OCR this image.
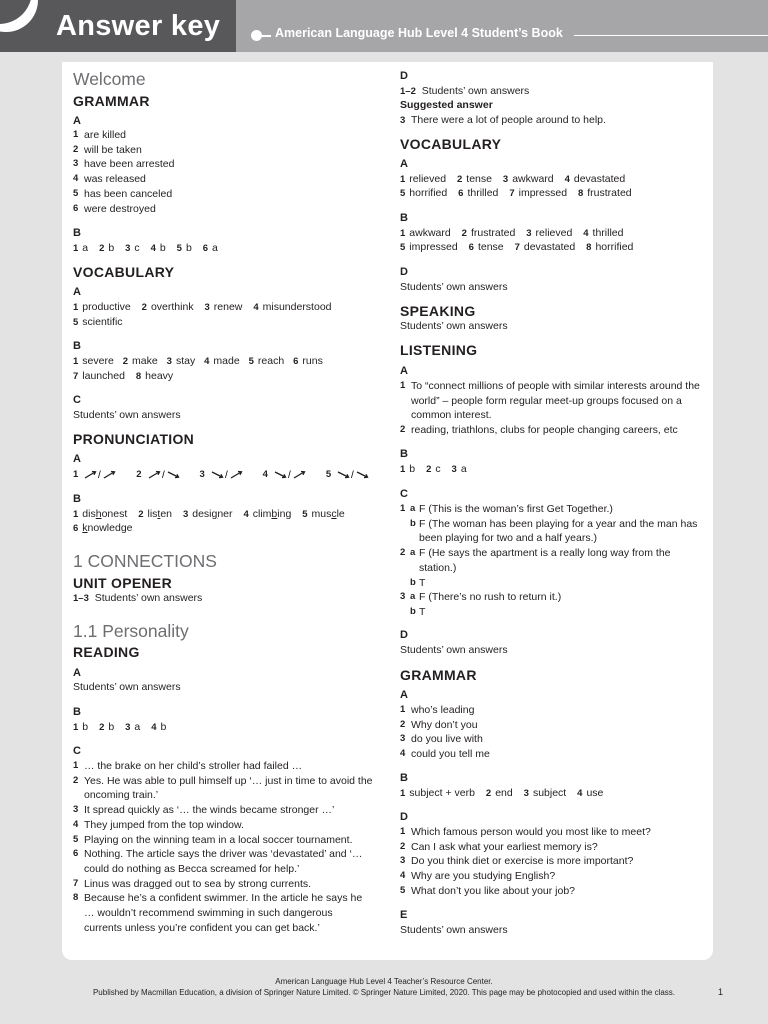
Answer key	American Language Hub Level 4 Student’s Book
Welcome
GRAMMAR
A
1 are killed
2 will be taken
3 have been arrested
4 was released
5 has been canceled
6 were destroyed
B
1 a 2 b 3 c 4 b 5 b 6 a
VOCABULARY
A
1 productive 2 overthink 3 renew 4 misunderstood
5 scientific
B
1 severe 2 make 3 stay 4 made 5 reach 6 runs
7 launched 8 heavy
C
Students’ own answers
PRONUNCIATION
A
1 /	2 /	3 /	4 /	5 /
B
1 dishonest 2 listen 3 designer 4 climbing 5 muscle
6 knowledge
1 CONNECTIONS
UNIT OPENER
1–3 Students’ own answers
1.1 Personality
READING
A
Students’ own answers
B
1 b 2 b 3 a 4 b
C
1 … the brake on her child’s stroller had failed …
2 Yes. He was able to pull himself up ‘… just in time to avoid the oncoming train.’
3 It spread quickly as ‘… the winds became stronger …’
4 They jumped from the top window.
5 Playing on the winning team in a local soccer tournament.
6 Nothing. The article says the driver was ‘devastated’ and ‘… could do nothing as Becca screamed for help.’
7 Linus was dragged out to sea by strong currents.
8 Because he’s a confident swimmer. In the article he says he … wouldn’t recommend swimming in such dangerous currents unless you’re confident you can get back.’
D
1–2 Students’ own answers
Suggested answer
3 There were a lot of people around to help.
VOCABULARY
A
1 relieved 2 tense 3 awkward 4 devastated
5 horrified 6 thrilled 7 impressed 8 frustrated
B
1 awkward 2 frustrated 3 relieved 4 thrilled
5 impressed 6 tense 7 devastated 8 horrified
D
Students’ own answers
SPEAKING
Students’ own answers
LISTENING
A
1 To “connect millions of people with similar interests around the world” – people form regular meet-up groups focused on a common interest.
2 reading, triathlons, clubs for people changing careers, etc
B
1 b 2 c 3 a
C
1 a F (This is the woman’s first Get Together.)
b F (The woman has been playing for a year and the man has been playing for two and a half years.)
2 a F (He says the apartment is a really long way from the station.)
b T
3 a F (There’s no rush to return it.)
b T
D
Students’ own answers
GRAMMAR
A
1 who’s leading
2 Why don’t you
3 do you live with
4 could you tell me
B
1 subject + verb 2 end 3 subject 4 use
D
1 Which famous person would you most like to meet?
2 Can I ask what your earliest memory is?
3 Do you think diet or exercise is more important?
4 Why are you studying English?
5 What don’t you like about your job?
E
Students’ own answers
American Language Hub Level 4 Teacher’s Resource Center.
Published by Macmillan Education, a division of Springer Nature Limited. © Springer Nature Limited, 2020. This page may be photocopied and used within the class.	1
